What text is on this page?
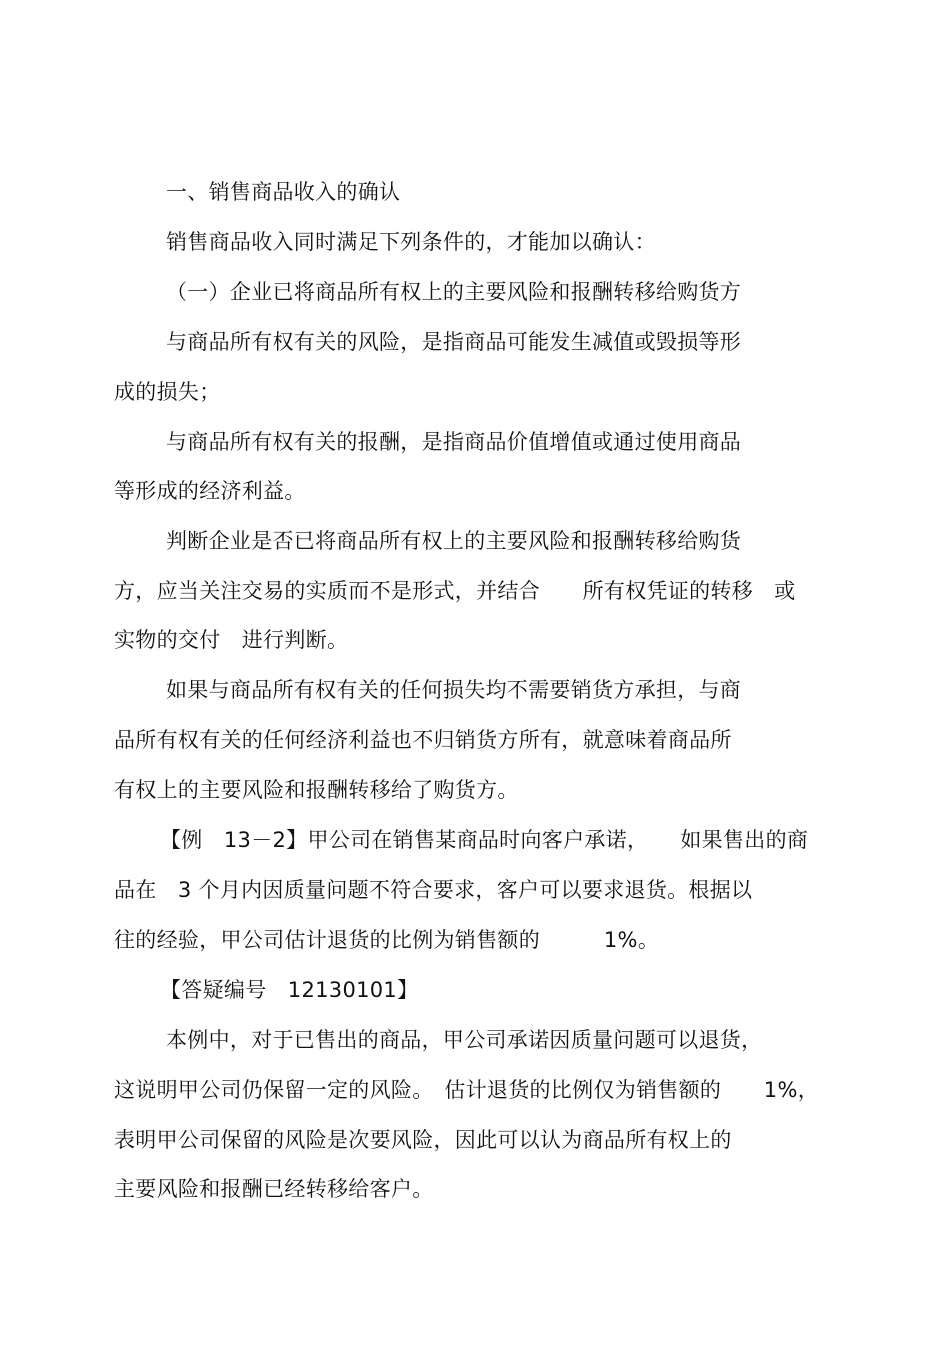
一、销售商品收入的确认
销售商品收入同时满足下列条件的，才能加以确认：
（一）企业已将商品所有权上的主要风险和报酬转移给购货方
与商品所有权有关的风险，是指商品可能发生减值或毁损等形
成的损失；
与商品所有权有关的报酬，是指商品价值增值或通过使用商品
等形成的经济利益。
判断企业是否已将商品所有权上的主要风险和报酬转移给购货
方，应当关注交易的实质而不是形式，并结合　　所有权凭证的转移　或
实物的交付　进行判断。
如果与商品所有权有关的任何损失均不需要销货方承担，与商
品所有权有关的任何经济利益也不归销货方所有，就意味着商品所
有权上的主要风险和报酬转移给了购货方。
【例　13－2】甲公司在销售某商品时向客户承诺，　　如果售出的商
品在　3 个月内因质量问题不符合要求，客户可以要求退货。根据以
往的经验，甲公司估计退货的比例为销售额的　　　1%。
【答疑编号　12130101】
本例中，对于已售出的商品，甲公司承诺因质量问题可以退货，
这说明甲公司仍保留一定的风险。　估计退货的比例仅为销售额的　　1%，
表明甲公司保留的风险是次要风险，因此可以认为商品所有权上的
主要风险和报酬已经转移给客户。
